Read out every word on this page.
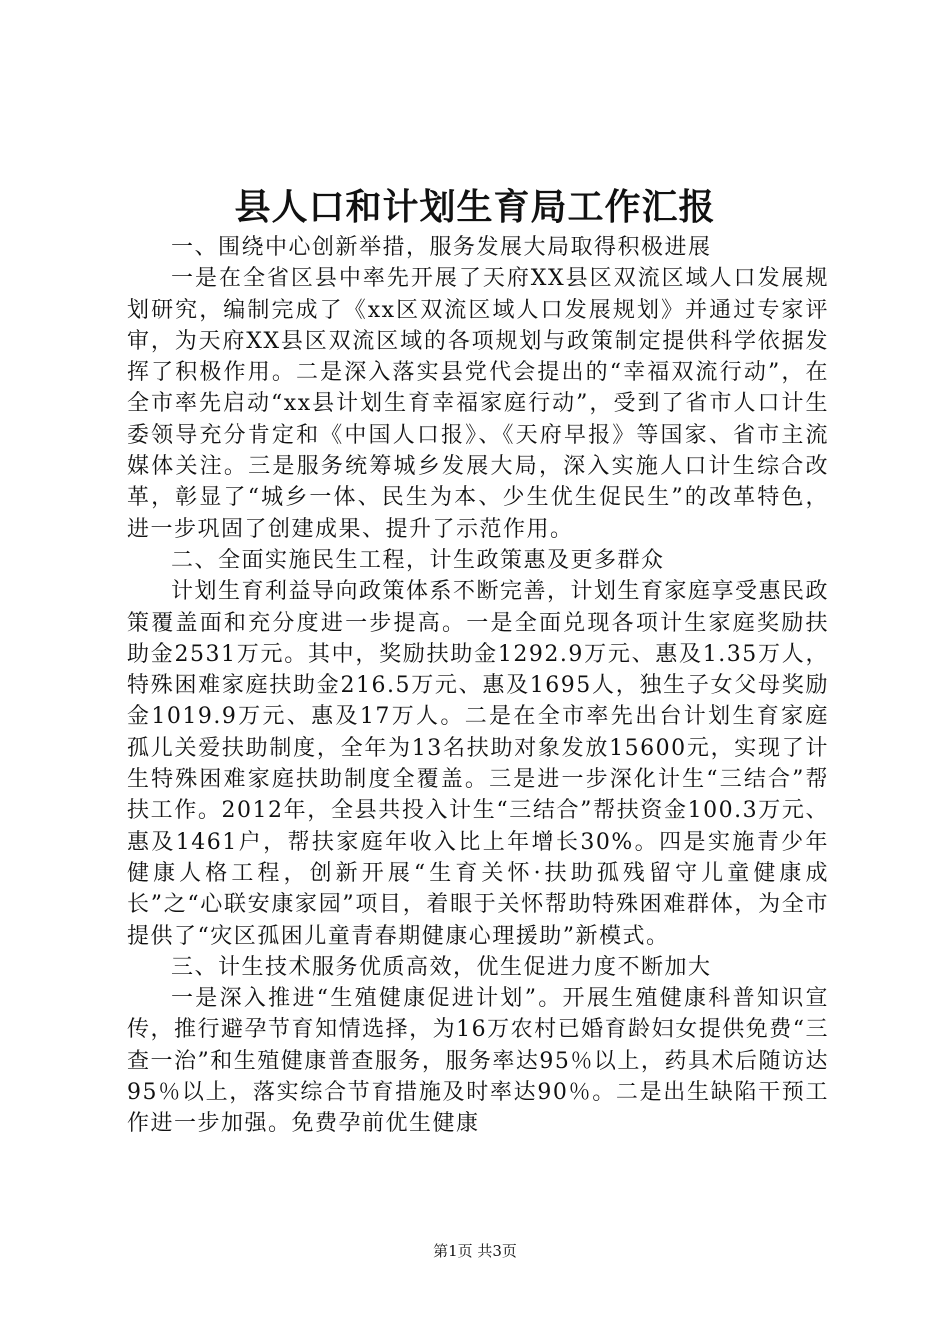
县人口和计划生育局工作汇报

一、围绕中心创新举措，服务发展大局取得积极进展

一是在全省区县中率先开展了天府XX县区双流区域人口发展规划研究，编制完成了《xx区双流区域人口发展规划》并通过专家评审，为天府XX县区双流区域的各项规划与政策制定提供科学依据发挥了积极作用。二是深入落实县党代会提出的“幸福双流行动”，在全市率先启动“xx县计划生育幸福家庭行动”，受到了省市人口计生委领导充分肯定和《中国人口报》、《天府早报》等国家、省市主流媒体关注。三是服务统筹城乡发展大局，深入实施人口计生综合改革，彰显了“城乡一体、民生为本、少生优生促民生”的改革特色，进一步巩固了创建成果、提升了示范作用。

二、全面实施民生工程，计生政策惠及更多群众

计划生育利益导向政策体系不断完善，计划生育家庭享受惠民政策覆盖面和充分度进一步提高。一是全面兑现各项计生家庭奖励扶助金2531万元。其中，奖励扶助金1292.9万元、惠及1.35万人，特殊困难家庭扶助金216.5万元、惠及1695人，独生子女父母奖励金1019.9万元、惠及17万人。二是在全市率先出台计划生育家庭孤儿关爱扶助制度，全年为13名扶助对象发放15600元，实现了计生特殊困难家庭扶助制度全覆盖。三是进一步深化计生“三结合”帮扶工作。2012年，全县共投入计生“三结合”帮扶资金100.3万元、惠及1461户，帮扶家庭年收入比上年增长30%。四是实施青少年健康人格工程，创新开展“生育关怀·扶助孤残留守儿童健康成长”之“心联安康家园”项目，着眼于关怀帮助特殊困难群体，为全市提供了“灾区孤困儿童青春期健康心理援助”新模式。

三、计生技术服务优质高效，优生促进力度不断加大

一是深入推进“生殖健康促进计划”。开展生殖健康科普知识宣传，推行避孕节育知情选择，为16万农村已婚育龄妇女提供免费“三查一治”和生殖健康普查服务，服务率达95％以上，药具术后随访达95％以上，落实综合节育措施及时率达90％。二是出生缺陷干预工作进一步加强。免费孕前优生健康

第1页 共3页
